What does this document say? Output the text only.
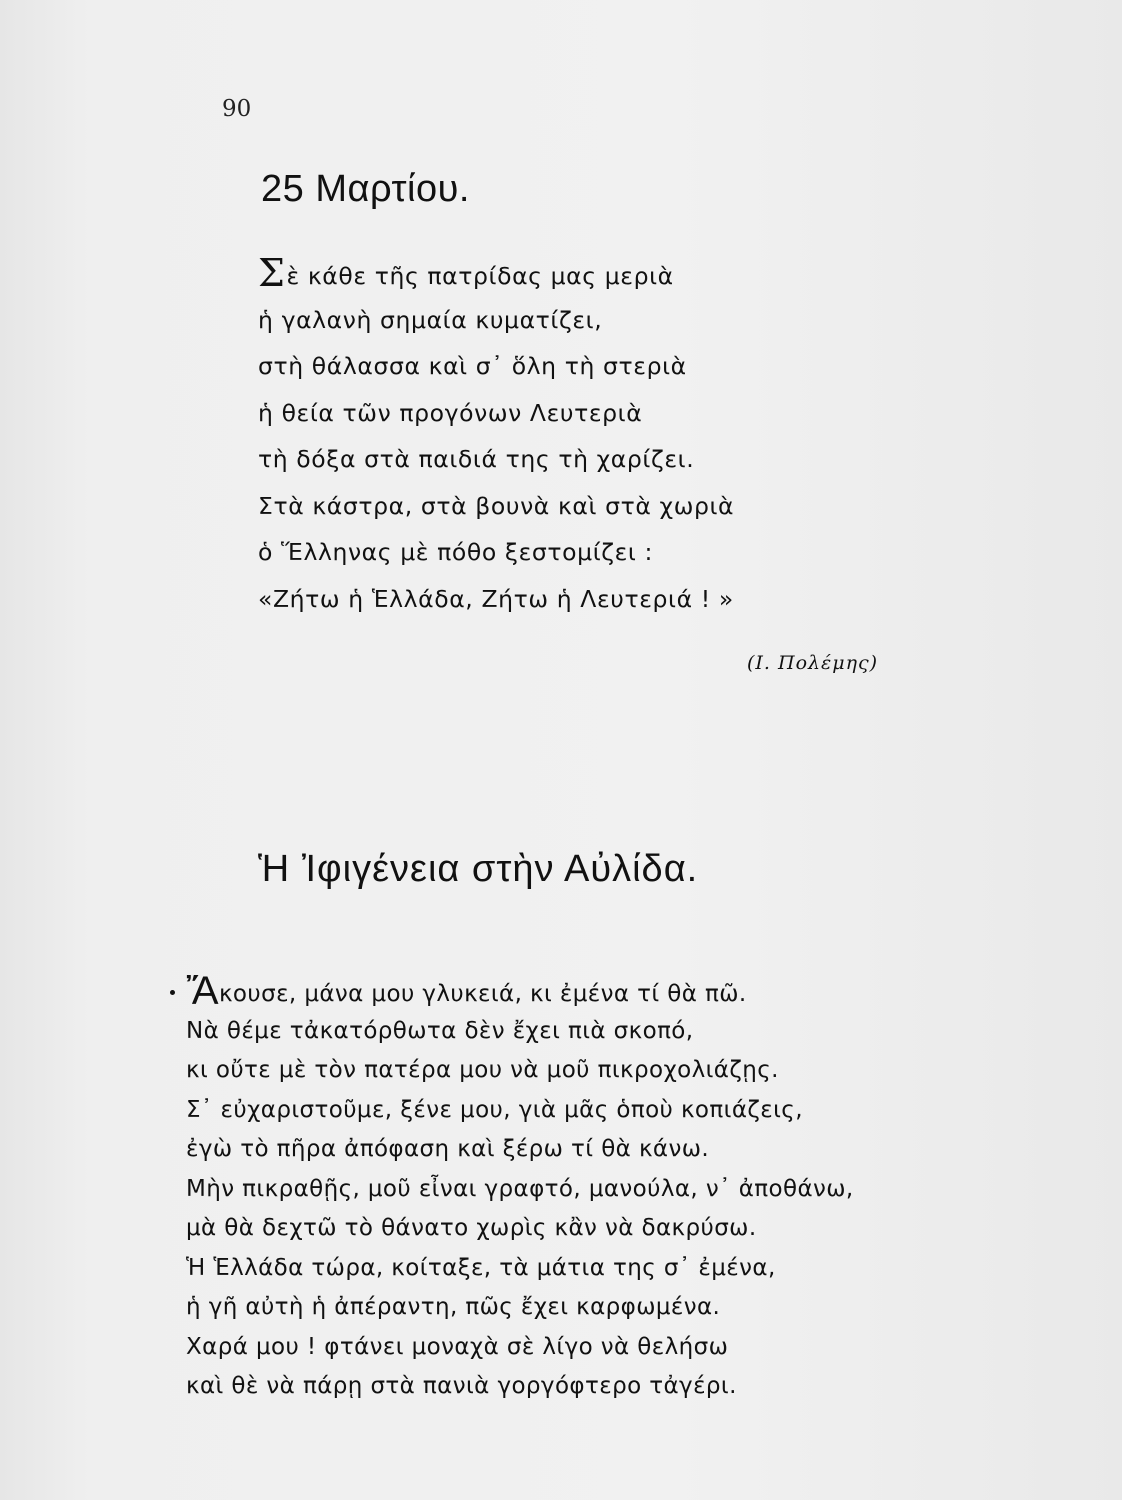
90
25 Μαρτίου.
Σὲ κάθε τῆς πατρίδας μας μεριὰ
ἡ γαλανὴ σημαία κυματίζει,
στὴ θάλασσα καὶ σ᾽ ὅλη τὴ στεριὰ
ἡ θεία τῶν προγόνων Λευτεριὰ
τὴ δόξα στὰ παιδιά της τὴ χαρίζει.
Στὰ κάστρα, στὰ βουνὰ καὶ στὰ χωριὰ
ὁ Ἕλληνας μὲ πόθο ξεστομίζει :
«Ζήτω ἡ Ἑλλάδα, Ζήτω ἡ Λευτεριά ! »
(Ι. Πολέμης)
Ἡ Ἰφιγένεια στὴν Αὐλίδα.
Ἄκουσε, μάνα μου γλυκειά, κι ἐμένα τί θὰ πῶ.
Νὰ θέμε τἀκατόρθωτα δὲν ἔχει πιὰ σκοπό,
κι οὔτε μὲ τὸν πατέρα μου νὰ μοῦ πικροχολιάζῃς.
Σ᾽ εὐχαριστοῦμε, ξένε μου, γιὰ μᾶς ὁποὺ κοπιάζεις,
ἐγὼ τὸ πῆρα ἀπόφαση καὶ ξέρω τί θὰ κάνω.
Μὴν πικραθῇς, μοῦ εἶναι γραφτό, μανούλα, ν᾽ ἀποθάνω,
μὰ θὰ δεχτῶ τὸ θάνατο χωρὶς κἂν νὰ δακρύσω.
Ἡ Ἑλλάδα τώρα, κοίταξε, τὰ μάτια της σ᾽ ἐμένα,
ἡ γῆ αὐτὴ ἡ ἀπέραντη, πῶς ἔχει καρφωμένα.
Χαρά μου ! φτάνει μοναχὰ σὲ λίγο νὰ θελήσω
καὶ θὲ νὰ πάρῃ στὰ πανιὰ γοργόφτερο τἀγέρι.
